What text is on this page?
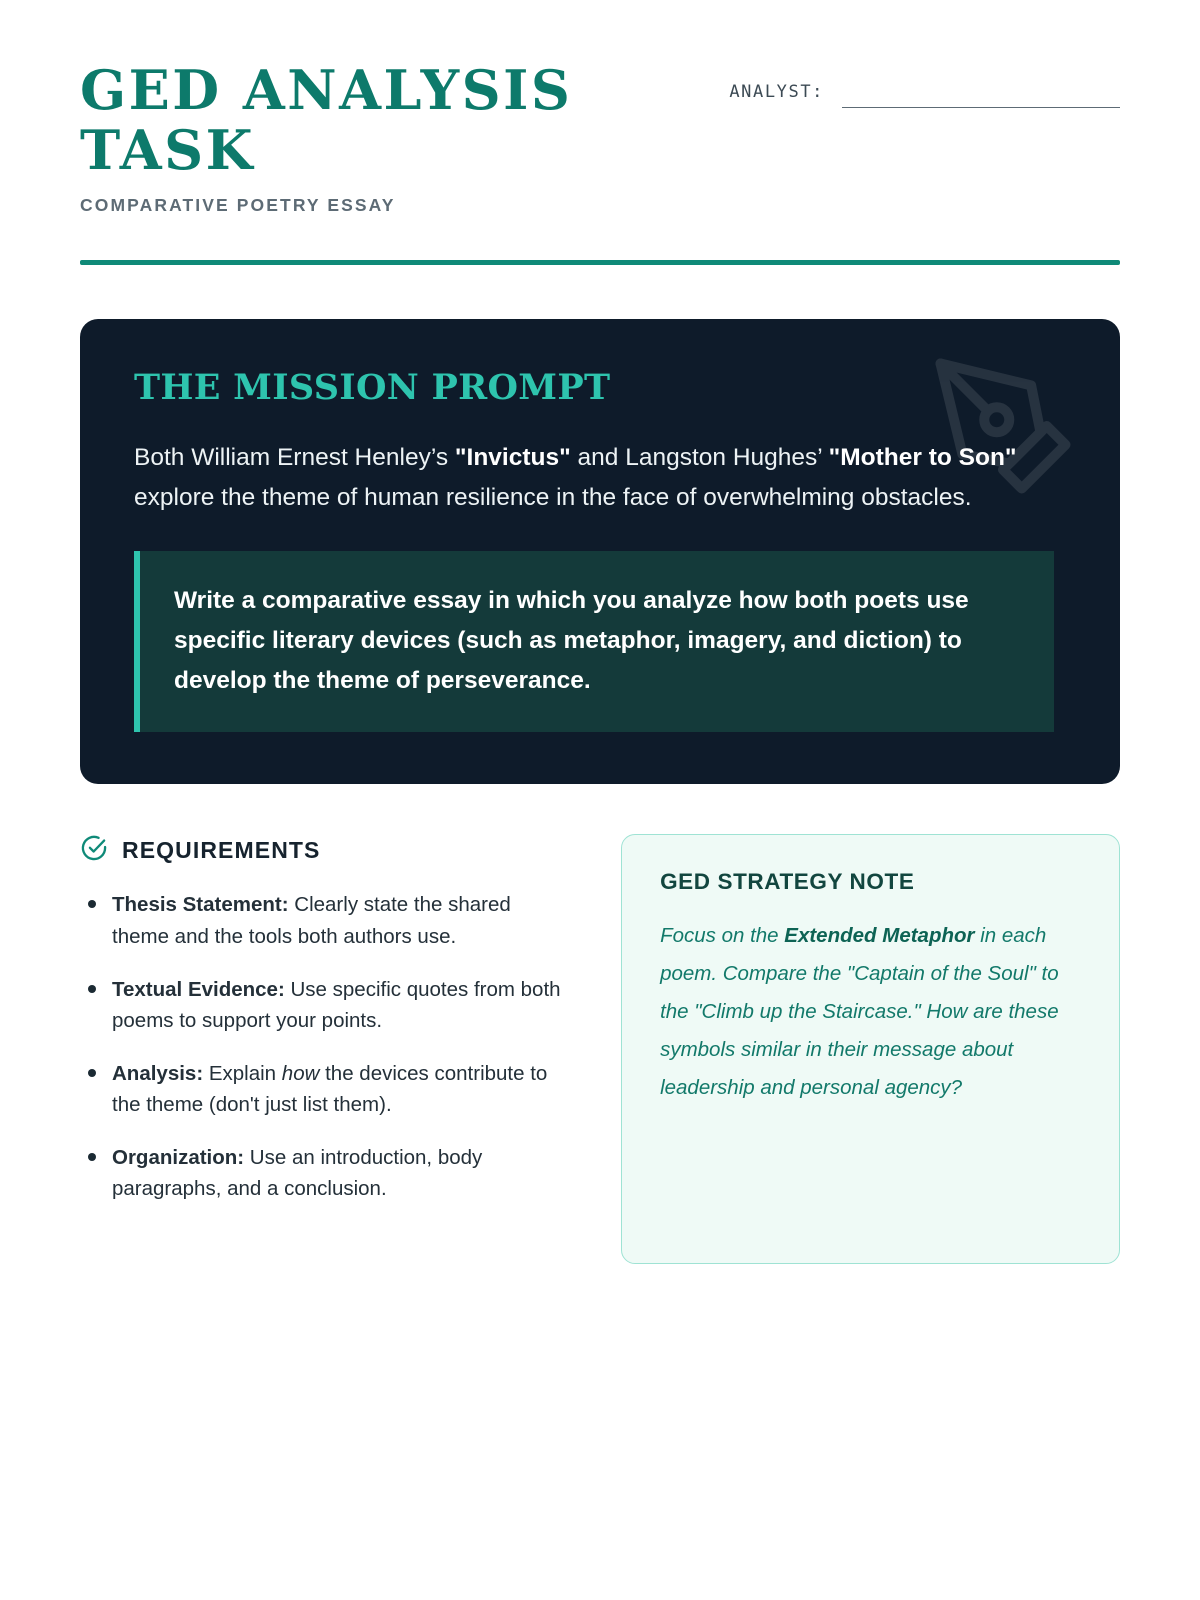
GED ANALYSIS TASK
COMPARATIVE POETRY ESSAY
ANALYST:
THE MISSION PROMPT

Both William Ernest Henley’s "Invictus" and Langston Hughes’ "Mother to Son" explore the theme of human resilience in the face of overwhelming obstacles.

Write a comparative essay in which you analyze how both poets use specific literary devices (such as metaphor, imagery, and diction) to develop the theme of perseverance.

REQUIREMENTS
Thesis Statement: Clearly state the shared theme and the tools both authors use.
Textual Evidence: Use specific quotes from both poems to support your points.
Analysis: Explain how the devices contribute to the theme (don't just list them).
Organization: Use an introduction, body paragraphs, and a conclusion.
GED STRATEGY NOTE

Focus on the Extended Metaphor in each poem. Compare the "Captain of the Soul" to the "Climb up the Staircase." How are these symbols similar in their message about leadership and personal agency?
